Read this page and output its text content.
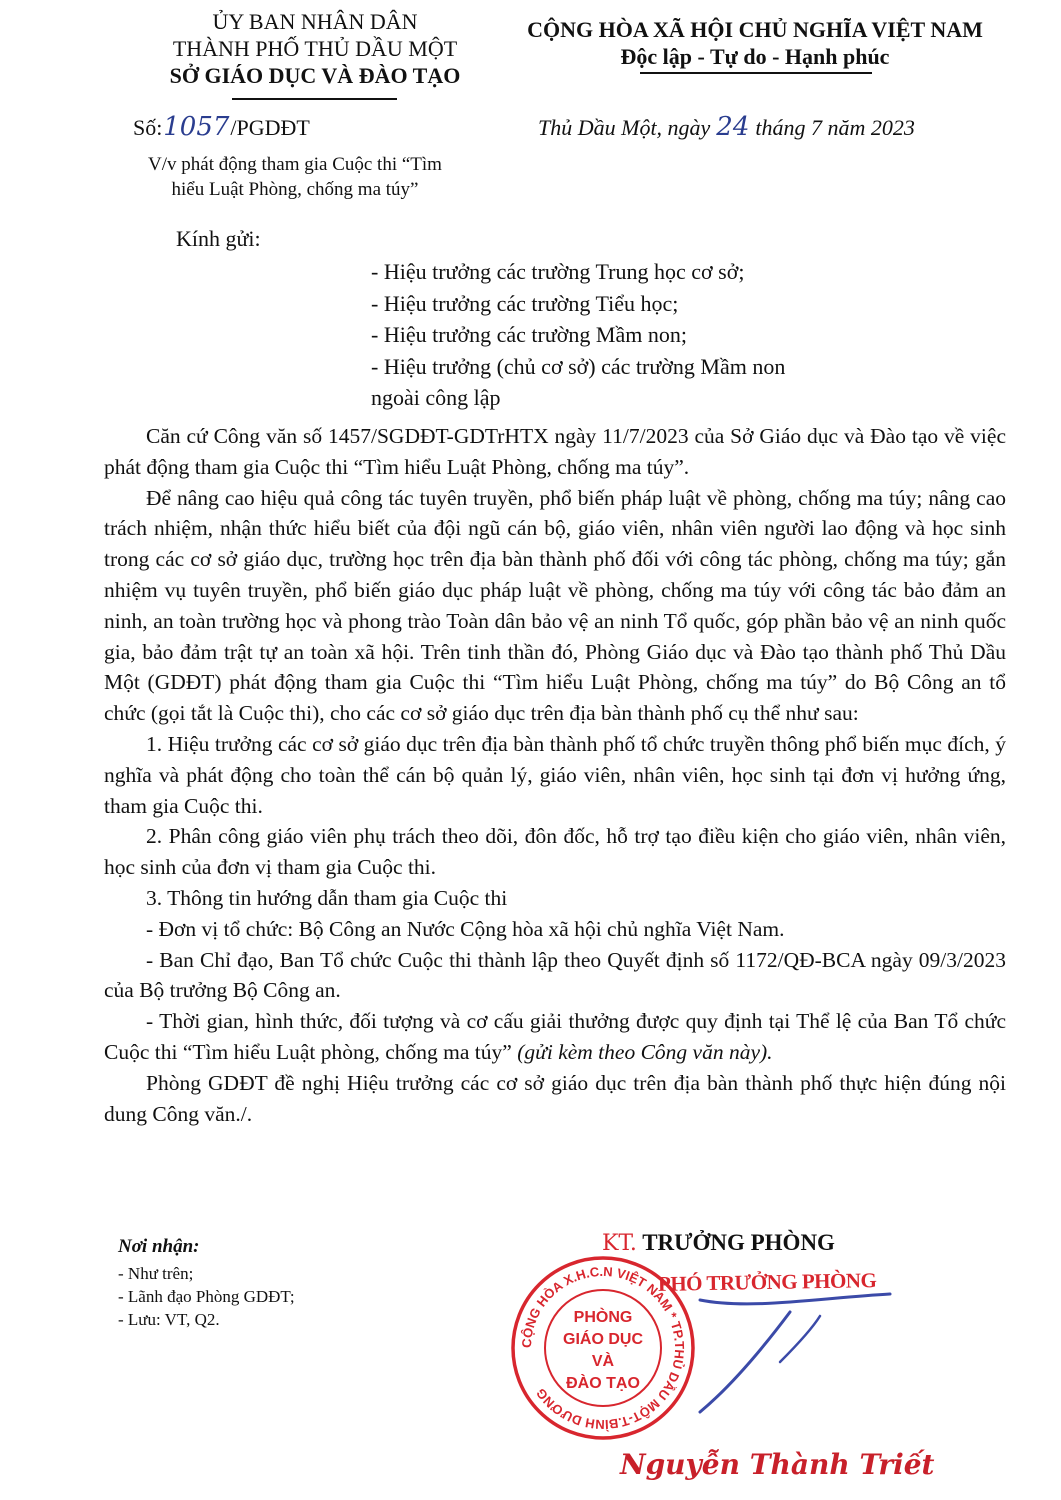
ỦY BAN NHÂN DÂN
THÀNH PHỐ THỦ DẦU MỘT
SỞ GIÁO DỤC VÀ ĐÀO TẠO
CỘNG HÒA XÃ HỘI CHỦ NGHĨA VIỆT NAM
Độc lập - Tự do - Hạnh phúc
Số:1057/PGDĐT	Thủ Dầu Một, ngày 24 tháng 7 năm 2023
V/v phát động tham gia Cuộc thi “Tìm
hiểu Luật Phòng, chống ma túy”
Kính gửi:
- Hiệu trưởng các trường Trung học cơ sở;
- Hiệu trưởng các trường Tiểu học;
- Hiệu trưởng các trường Mầm non;
- Hiệu trưởng (chủ cơ sở) các trường Mầm non
ngoài công lập

Căn cứ Công văn số 1457/SGDĐT-GDTrHTX ngày 11/7/2023 của Sở Giáo dục và Đào tạo về việc phát động tham gia Cuộc thi “Tìm hiểu Luật Phòng, chống ma túy”.

Để nâng cao hiệu quả công tác tuyên truyền, phổ biến pháp luật về phòng, chống ma túy; nâng cao trách nhiệm, nhận thức hiểu biết của đội ngũ cán bộ, giáo viên, nhân viên người lao động và học sinh trong các cơ sở giáo dục, trường học trên địa bàn thành phố đối với công tác phòng, chống ma túy; gắn nhiệm vụ tuyên truyền, phổ biến giáo dục pháp luật về phòng, chống ma túy với công tác bảo đảm an ninh, an toàn trường học và phong trào Toàn dân bảo vệ an ninh Tổ quốc, góp phần bảo vệ an ninh quốc gia, bảo đảm trật tự an toàn xã hội. Trên tinh thần đó, Phòng Giáo dục và Đào tạo thành phố Thủ Dầu Một (GDĐT) phát động tham gia Cuộc thi “Tìm hiểu Luật Phòng, chống ma túy” do Bộ Công an tổ chức (gọi tắt là Cuộc thi), cho các cơ sở giáo dục trên địa bàn thành phố cụ thể như sau:

1. Hiệu trưởng các cơ sở giáo dục trên địa bàn thành phố tổ chức truyền thông phổ biến mục đích, ý nghĩa và phát động cho toàn thể cán bộ quản lý, giáo viên, nhân viên, học sinh tại đơn vị hưởng ứng, tham gia Cuộc thi.

2. Phân công giáo viên phụ trách theo dõi, đôn đốc, hỗ trợ tạo điều kiện cho giáo viên, nhân viên, học sinh của đơn vị tham gia Cuộc thi.

3. Thông tin hướng dẫn tham gia Cuộc thi

- Đơn vị tổ chức: Bộ Công an Nước Cộng hòa xã hội chủ nghĩa Việt Nam.

- Ban Chỉ đạo, Ban Tổ chức Cuộc thi thành lập theo Quyết định số 1172/QĐ-BCA ngày 09/3/2023 của Bộ trưởng Bộ Công an.

- Thời gian, hình thức, đối tượng và cơ cấu giải thưởng được quy định tại Thể lệ của Ban Tổ chức Cuộc thi “Tìm hiểu Luật phòng, chống ma túy” (gửi kèm theo Công văn này).

Phòng GDĐT đề nghị Hiệu trưởng các cơ sở giáo dục trên địa bàn thành phố thực hiện đúng nội dung Công văn./.

Nơi nhận:
- Như trên;
- Lãnh đạo Phòng GDĐT;
- Lưu: VT, Q2.
KT. TRƯỞNG PHÒNG
PHÓ TRƯỞNG PHÒNG
CỘNG HÒA X.H.C.N VIỆT NAM * TP.THỦ DẦU MỘT-T.BÌNH DƯƠNG
PHÒNG
GIÁO DỤC
VÀ
ĐÀO TẠO
Nguyễn Thành Triết
